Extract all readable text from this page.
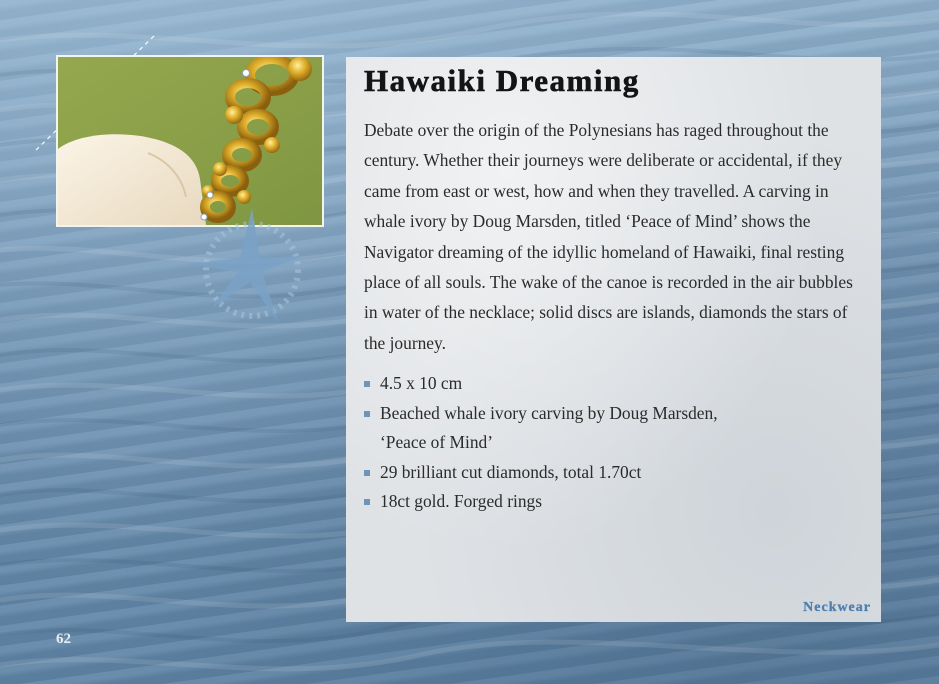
Hawaiki Dreaming

Debate over the origin of the Polynesians has raged throughout the century. Whether their journeys were deliberate or accidental, if they came from east or west, how and when they travelled. A carving in whale ivory by Doug Marsden, titled ‘Peace of Mind’ shows the Navigator dreaming of the idyllic homeland of Hawaiki, final resting place of all souls. The wake of the canoe is recorded in the air bubbles in water of the necklace; solid discs are islands, diamonds the stars of the journey.

4.5 x 10 cm
Beached whale ivory carving by Doug Marsden,
‘Peace of Mind’
29 brilliant cut diamonds, total 1.70ct
18ct gold. Forged rings
Neckwear
62
